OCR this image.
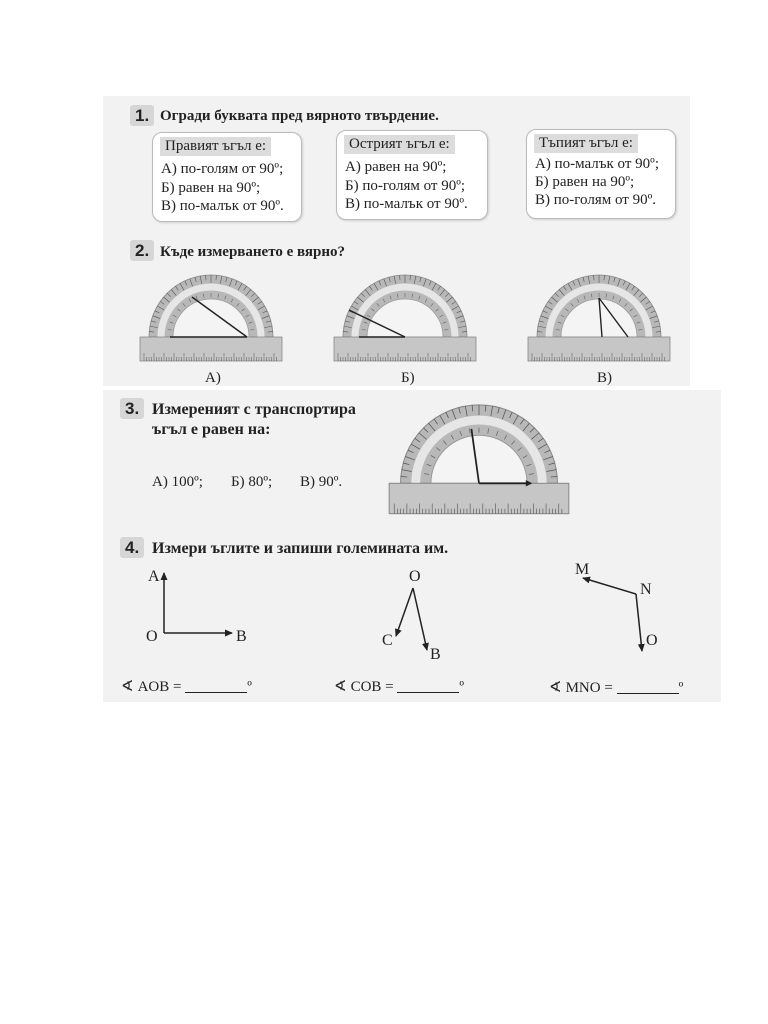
1. Огради буквата пред вярното твърдение.
Правият ъгъл е:
А) по-голям от 90º;
Б) равен на 90º;
В) по-малък от 90º.
Острият ъгъл е:
А) равен на 90º;
Б) по-голям от 90º;
В) по-малък от 90º.
Тъпият ъгъл е:
А) по-малък от 90º;
Б) равен на 90º;
В) по-голям от 90º.
2. Къде измерването е вярно?
А)	Б)	В)
3. Измереният с транспортира
ъгъл е равен на:
А) 100º; Б) 80º; В) 90º.
4. Измери ъглите и запиши големината им.
A
O	B
O
C
B
M
N
O
∢ AOB =	º	∢ COB =	º	∢ MNO =	º
